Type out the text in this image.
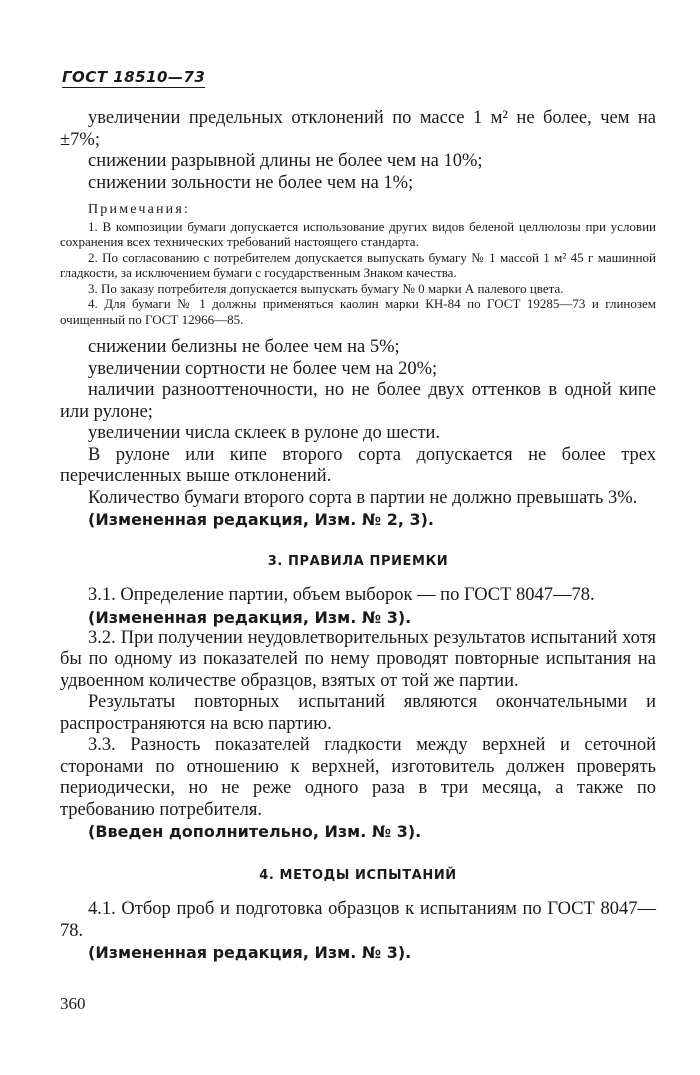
ГОСТ 18510—73

увеличении предельных отклонений по массе 1 м² не более, чем на ±7%;

снижении разрывной длины не более чем на 10%;

снижении зольности не более чем на 1%;

Примечания:

1. В композиции бумаги допускается использование других видов беленой целлюлозы при условии сохранения всех технических требований настоящего стандарта.

2. По согласованию с потребителем допускается выпускать бумагу № 1 массой 1 м² 45 г машинной гладкости, за исключением бумаги с государственным Знаком качества.

3. По заказу потребителя допускается выпускать бумагу № 0 марки А палевого цвета.

4. Для бумаги № 1 должны применяться каолин марки КН-84 по ГОСТ 19285—73 и глинозем очищенный по ГОСТ 12966—85.

снижении белизны не более чем на 5%;

увеличении сортности не более чем на 20%;

наличии разнооттеночности, но не более двух оттенков в одной кипе или рулоне;

увеличении числа склеек в рулоне до шести.

В рулоне или кипе второго сорта допускается не более трех перечисленных выше отклонений.

Количество бумаги второго сорта в партии не должно превышать 3%.

(Измененная редакция, Изм. № 2, 3).

3. ПРАВИЛА ПРИЕМКИ

3.1. Определение партии, объем выборок — по ГОСТ 8047—78.

(Измененная редакция, Изм. № 3).

3.2. При получении неудовлетворительных результатов испытаний хотя бы по одному из показателей по нему проводят повторные испытания на удвоенном количестве образцов, взятых от той же партии.

Результаты повторных испытаний являются окончательными и распространяются на всю партию.

3.3. Разность показателей гладкости между верхней и сеточной сторонами по отношению к верхней, изготовитель должен проверять периодически, но не реже одного раза в три месяца, а также по требованию потребителя.

(Введен дополнительно, Изм. № 3).

4. МЕТОДЫ ИСПЫТАНИЙ

4.1. Отбор проб и подготовка образцов к испытаниям по ГОСТ 8047—78.

(Измененная редакция, Изм. № 3).

360
